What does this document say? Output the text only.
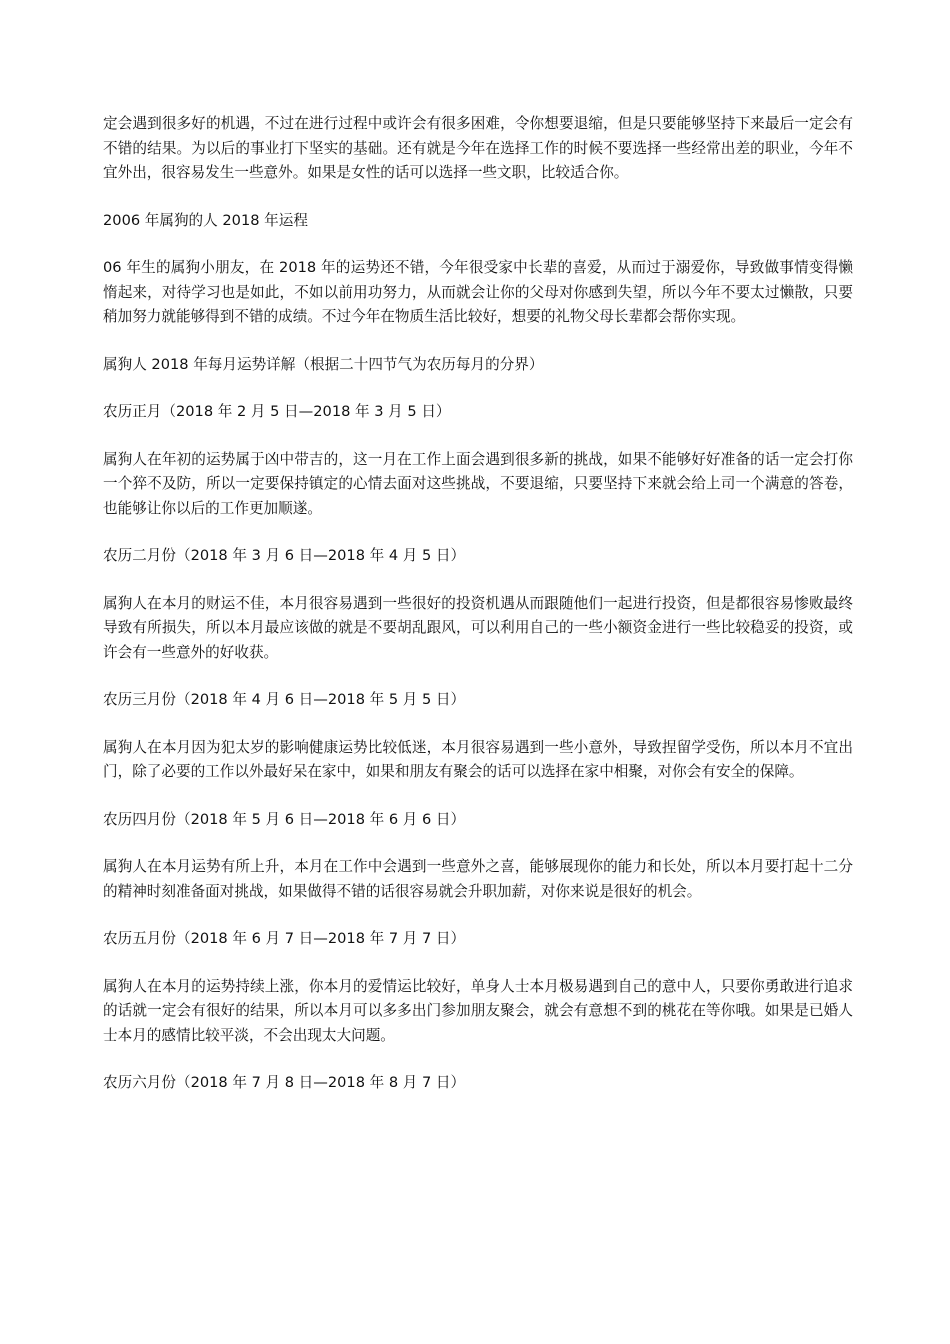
定会遇到很多好的机遇，不过在进行过程中或许会有很多困难，令你想要退缩，但是只要能够坚持下来最后一定会有不错的结果。为以后的事业打下坚实的基础。还有就是今年在选择工作的时候不要选择一些经常出差的职业，今年不宜外出，很容易发生一些意外。如果是女性的话可以选择一些文职，比较适合你。

2006 年属狗的人 2018 年运程

06 年生的属狗小朋友，在 2018 年的运势还不错，今年很受家中长辈的喜爱，从而过于溺爱你，导致做事情变得懒惰起来，对待学习也是如此，不如以前用功努力，从而就会让你的父母对你感到失望，所以今年不要太过懒散，只要稍加努力就能够得到不错的成绩。不过今年在物质生活比较好，想要的礼物父母长辈都会帮你实现。

属狗人 2018 年每月运势详解（根据二十四节气为农历每月的分界）

农历正月（2018 年 2 月 5 日—2018 年 3 月 5 日）

属狗人在年初的运势属于凶中带吉的，这一月在工作上面会遇到很多新的挑战，如果不能够好好准备的话一定会打你一个猝不及防，所以一定要保持镇定的心情去面对这些挑战，不要退缩，只要坚持下来就会给上司一个满意的答卷，也能够让你以后的工作更加顺遂。

农历二月份（2018 年 3 月 6 日—2018 年 4 月 5 日）

属狗人在本月的财运不佳，本月很容易遇到一些很好的投资机遇从而跟随他们一起进行投资，但是都很容易惨败最终导致有所损失，所以本月最应该做的就是不要胡乱跟风，可以利用自己的一些小额资金进行一些比较稳妥的投资，或许会有一些意外的好收获。

农历三月份（2018 年 4 月 6 日—2018 年 5 月 5 日）

属狗人在本月因为犯太岁的影响健康运势比较低迷，本月很容易遇到一些小意外，导致捏留学受伤，所以本月不宜出门，除了必要的工作以外最好呆在家中，如果和朋友有聚会的话可以选择在家中相聚，对你会有安全的保障。

农历四月份（2018 年 5 月 6 日—2018 年 6 月 6 日）

属狗人在本月运势有所上升，本月在工作中会遇到一些意外之喜，能够展现你的能力和长处，所以本月要打起十二分的精神时刻准备面对挑战，如果做得不错的话很容易就会升职加薪，对你来说是很好的机会。

农历五月份（2018 年 6 月 7 日—2018 年 7 月 7 日）

属狗人在本月的运势持续上涨，你本月的爱情运比较好，单身人士本月极易遇到自己的意中人，只要你勇敢进行追求的话就一定会有很好的结果，所以本月可以多多出门参加朋友聚会，就会有意想不到的桃花在等你哦。如果是已婚人士本月的感情比较平淡，不会出现太大问题。

农历六月份（2018 年 7 月 8 日—2018 年 8 月 7 日）
